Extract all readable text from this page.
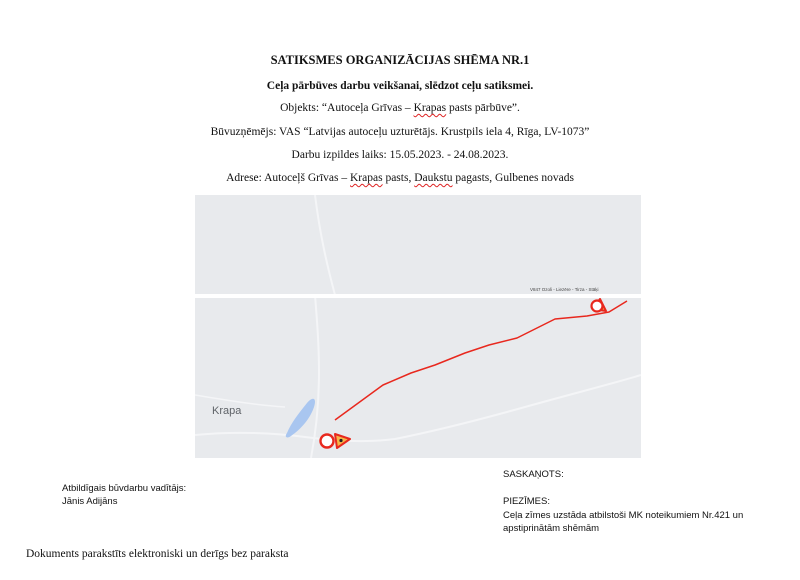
SATIKSMES ORGANIZĀCIJAS SHĒMA NR.1
Ceļa pārbūves darbu veikšanai, slēdzot ceļu satiksmei.
Objekts: “Autoceļa Grīvas – Krapas pasts pārbūve”.
Būvuzņēmējs: VAS “Latvijas autoceļu uzturētājs. Krustpils iela 4, Rīga, LV-1073”
Darbu izpildes laiks: 15.05.2023. - 24.08.2023.
Adrese: Autoceļš Grīvas – Krapas pasts, Daukstu pagasts, Gulbenes novads
V847 Ozoli - Liezēre - Tirza - Stāķi
Krapa
Atbildīgais būvdarbu vadītājs:
Jānis Adijāns
SASKAŅOTS:
PIEZĪMES:
Ceļa zīmes uzstāda atbilstoši MK noteikumiem Nr.421 un
apstiprinātām shēmām
Dokuments parakstīts elektroniski un derīgs bez paraksta
